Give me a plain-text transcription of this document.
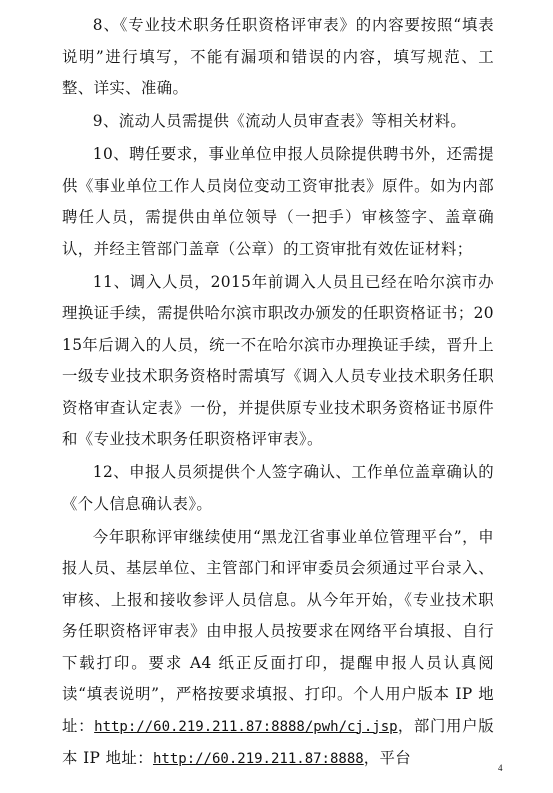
8、《专业技术职务任职资格评审表》的内容要按照“填表说明”进行填写，不能有漏项和错误的内容，填写规范、工整、详实、准确。

9、流动人员需提供《流动人员审查表》等相关材料。

10、聘任要求，事业单位申报人员除提供聘书外，还需提供《事业单位工作人员岗位变动工资审批表》原件。如为内部聘任人员，需提供由单位领导（一把手）审核签字、盖章确认，并经主管部门盖章（公章）的工资审批有效佐证材料；

11、调入人员，2015年前调入人员且已经在哈尔滨市办理换证手续，需提供哈尔滨市职改办颁发的任职资格证书；2015年后调入的人员，统一不在哈尔滨市办理换证手续，晋升上一级专业技术职务资格时需填写《调入人员专业技术职务任职资格审查认定表》一份，并提供原专业技术职务资格证书原件和《专业技术职务任职资格评审表》。

12、申报人员须提供个人签字确认、工作单位盖章确认的《个人信息确认表》。

今年职称评审继续使用“黑龙江省事业单位管理平台”，申报人员、基层单位、主管部门和评审委员会须通过平台录入、审核、上报和接收参评人员信息。从今年开始，《专业技术职务任职资格评审表》由申报人员按要求在网络平台填报、自行下载打印。要求 A4 纸正反面打印，提醒申报人员认真阅读“填表说明”，严格按要求填报、打印。个人用户版本 IP 地址：http://60.219.211.87:8888/pwh/cj.jsp，部门用户版本 IP 地址：http://60.219.211.87:8888，平台

4
